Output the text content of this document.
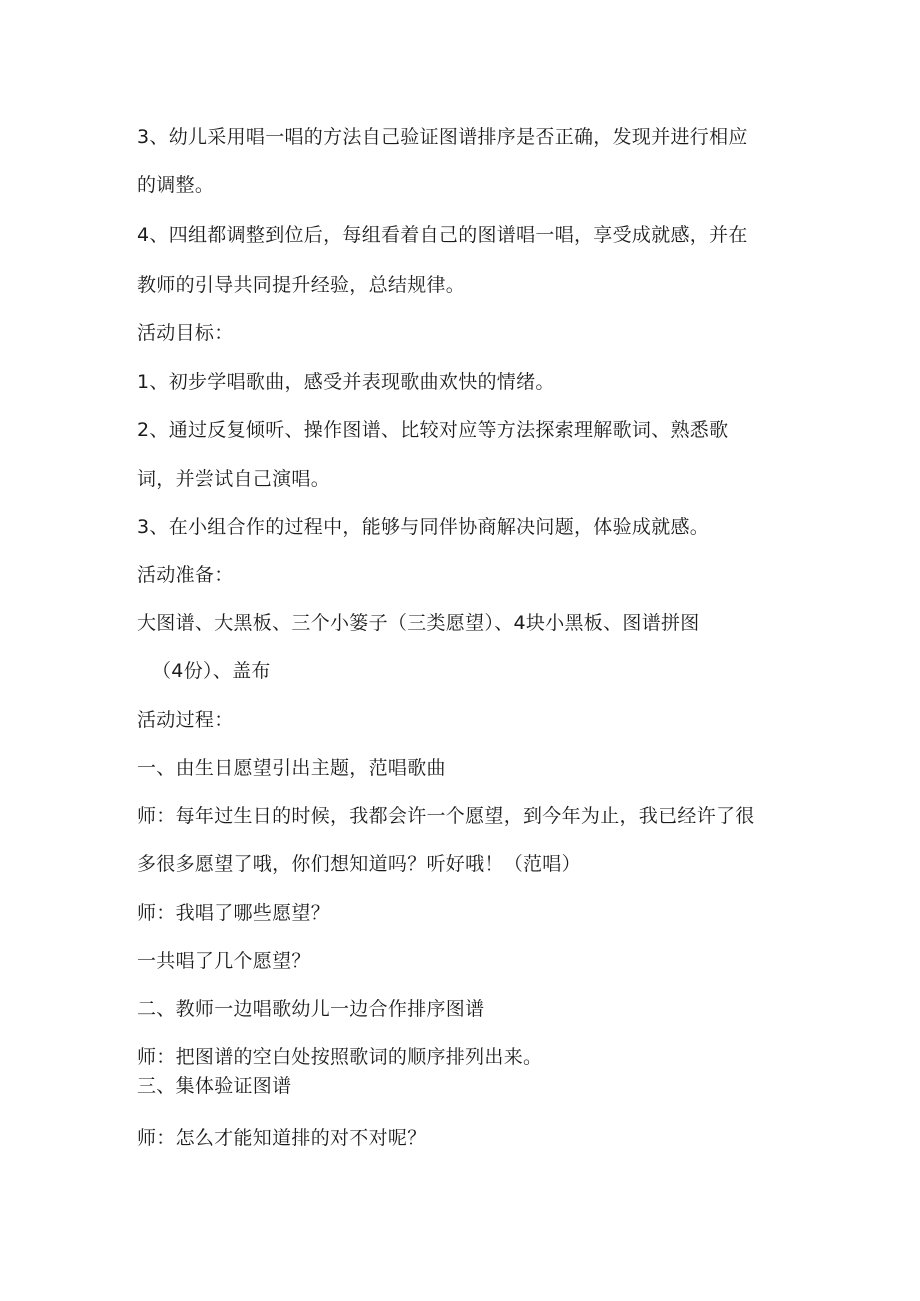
3、幼儿采用唱一唱的方法自己验证图谱排序是否正确，发现并进行相应
的调整。
4、四组都调整到位后，每组看着自己的图谱唱一唱，享受成就感，并在
教师的引导共同提升经验，总结规律。
活动目标：
1、初步学唱歌曲，感受并表现歌曲欢快的情绪。
2、通过反复倾听、操作图谱、比较对应等方法探索理解歌词、熟悉歌
词，并尝试自己演唱。
3、在小组合作的过程中，能够与同伴协商解决问题，体验成就感。
活动准备：
大图谱、大黑板、三个小篓子（三类愿望）、4块小黑板、图谱拼图
（4份）、盖布
活动过程：
一、由生日愿望引出主题，范唱歌曲
师：每年过生日的时候，我都会许一个愿望，到今年为止，我已经许了很
多很多愿望了哦，你们想知道吗？听好哦！（范唱）
师：我唱了哪些愿望？
一共唱了几个愿望？
二、教师一边唱歌幼儿一边合作排序图谱
师：把图谱的空白处按照歌词的顺序排列出来。
三、集体验证图谱
师：怎么才能知道排的对不对呢？
